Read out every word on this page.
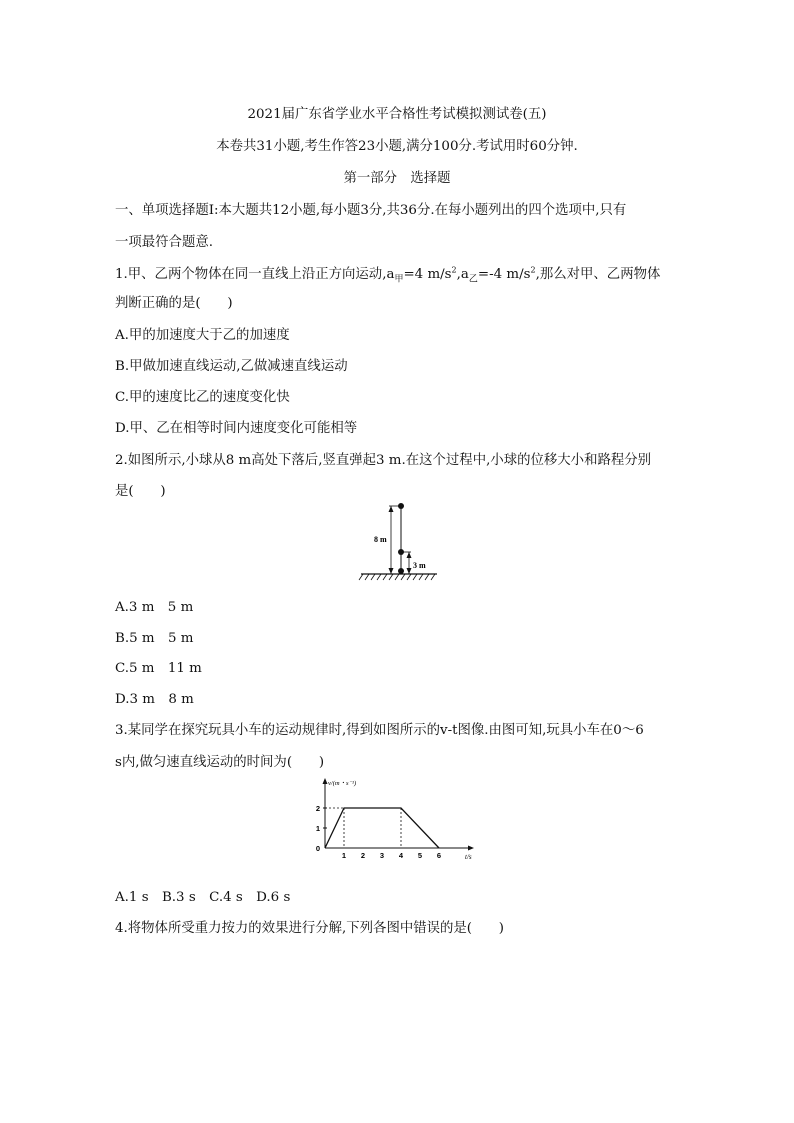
2021届广东省学业水平合格性考试模拟测试卷(五)
本卷共31小题,考生作答23小题,满分100分.考试用时60分钟.
第一部分　选择题
一、单项选择题Ⅰ:本大题共12小题,每小题3分,共36分.在每小题列出的四个选项中,只有
一项最符合题意.
1.甲、乙两个物体在同一直线上沿正方向运动$,a_甲=4$ $m/s^2,a_乙=-4$ $m/s^2$,那么对甲、乙两物体
判断正确的是(　　)
A.甲的加速度大于乙的加速度
B.甲做加速直线运动,乙做减速直线运动
C.甲的速度比乙的速度变化快
D.甲、乙在相等时间内速度变化可能相等
2.如图所示,小球从8 m高处下落后,竖直弹起3 m.在这个过程中,小球的位移大小和路程分别
是(　　)
8 m
3 m
A.3 m　5 m
B.5 m　5 m
C.5 m　11 m
D.3 m　8 m
3.某同学在探究玩具小车的运动规律时,得到如图所示的v-t图像.由图可知,玩具小车在0～6
s内,做匀速直线运动的时间为(　　)
v/(m・s⁻¹)
t/s
1 2 3 4 5 6
0
1
2
A.1 s　B.3 s　C.4 s　D.6 s
4.将物体所受重力按力的效果进行分解,下列各图中错误的是(　　)
